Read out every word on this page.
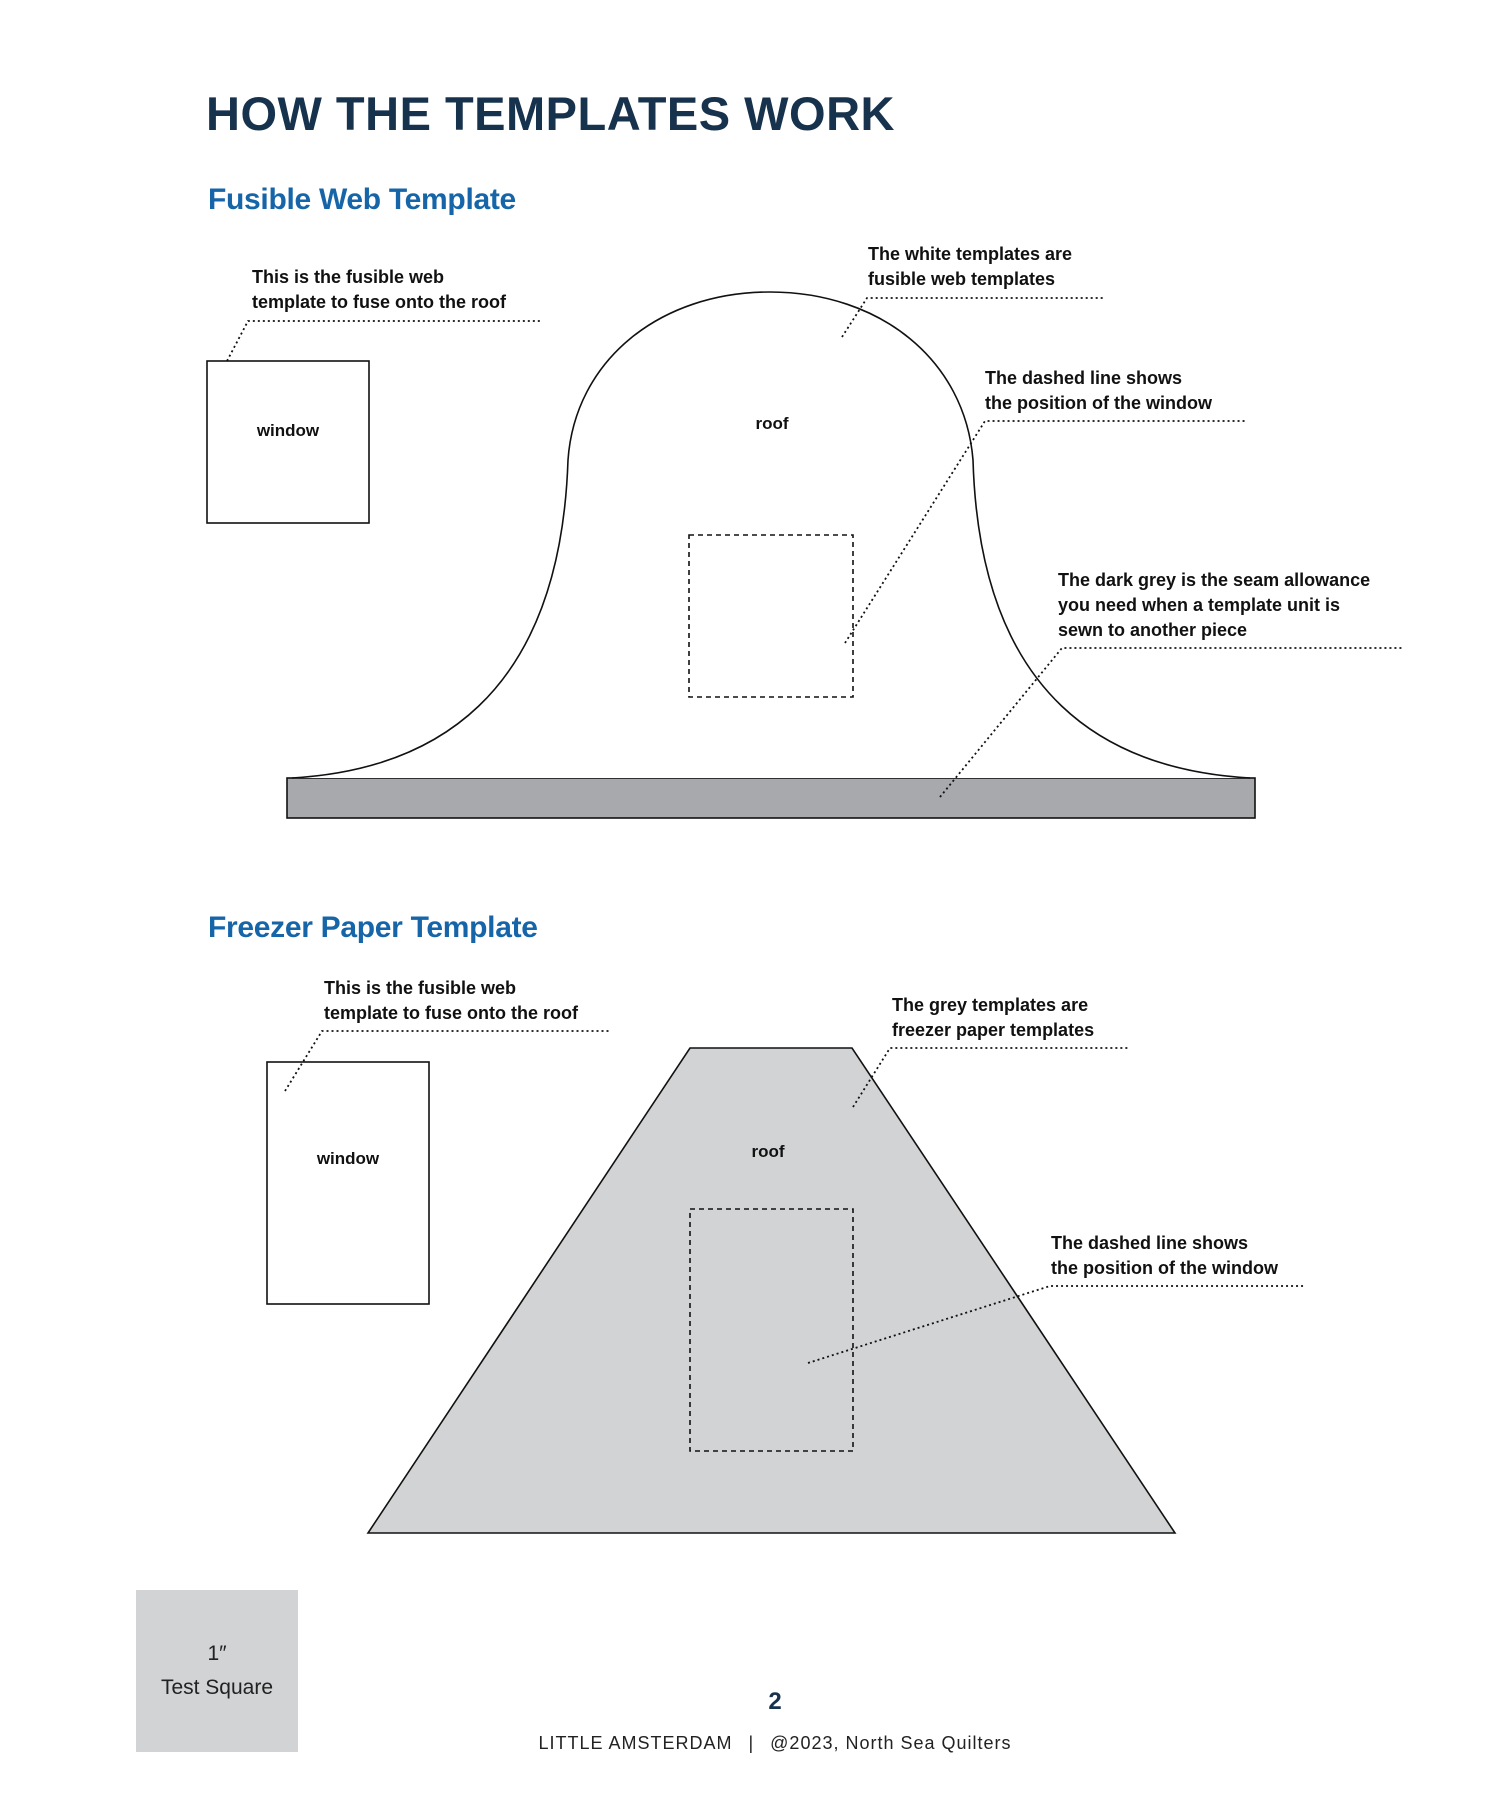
HOW THE TEMPLATES WORK
Fusible Web Template
This is the fusible web
template to fuse onto the roof
The white templates are
fusible web templates
The dashed line shows
the position of the window
The dark grey is the seam allowance
you need when a template unit is
sewn to another piece
window	roof
Freezer Paper Template
This is the fusible web
template to fuse onto the roof	The grey templates are
freezer paper templates
The dashed line shows
the position of the window
window	roof
1″
Test Square
2
LITTLE AMSTERDAM | @2023, North Sea Quilters
